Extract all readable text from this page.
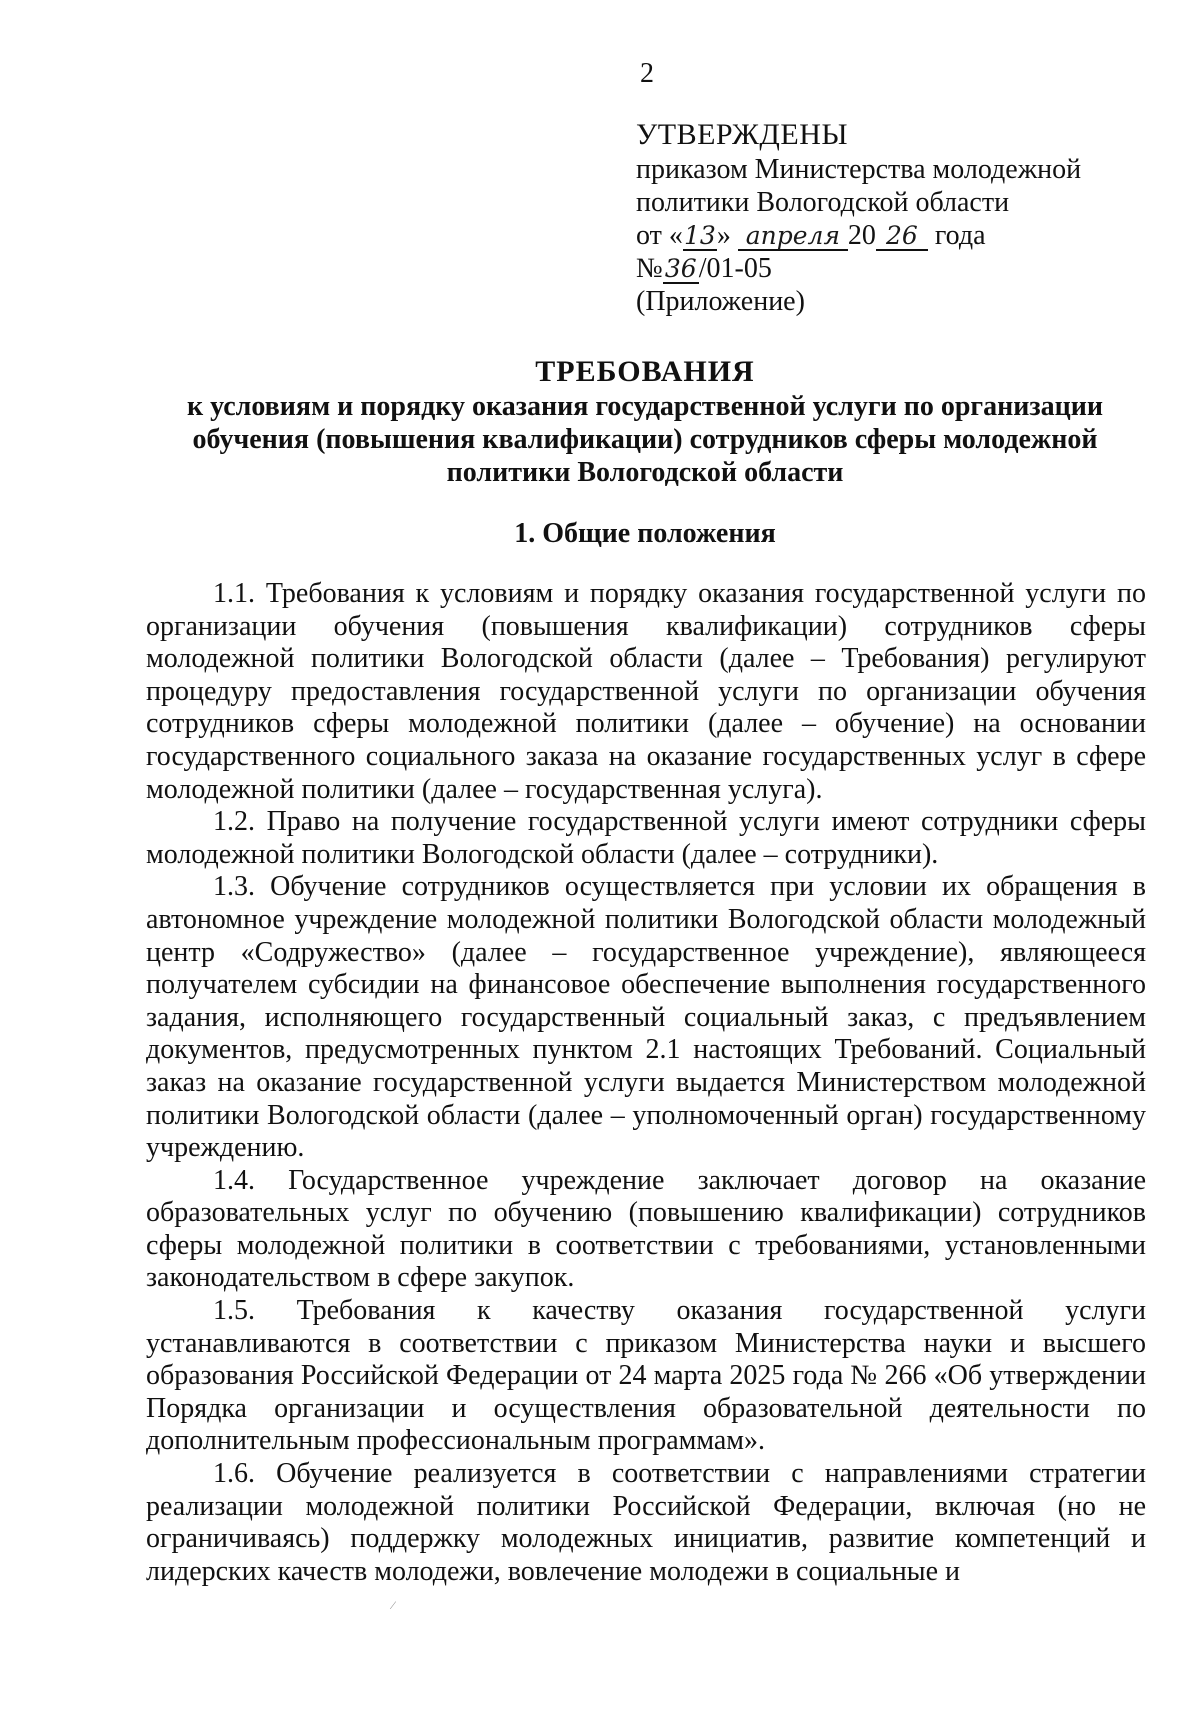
2
УТВЕРЖДЕНЫ
приказом Министерства молодежной
политики Вологодской области
от «13» апреля 20 26 года
№36/01-05
(Приложение)
ТРЕБОВАНИЯ
к условиям и порядку оказания государственной услуги по организации обучения (повышения квалификации) сотрудников сферы молодежной политики Вологодской области
1. Общие положения

1.1. Требования к условиям и порядку оказания государственной услуги по организации обучения (повышения квалификации) сотрудников сферы молодежной политики Вологодской области (далее – Требования) регулируют процедуру предоставления государственной услуги по организации обучения сотрудников сферы молодежной политики (далее – обучение) на основании государственного социального заказа на оказание государственных услуг в сфере молодежной политики (далее – государственная услуга).

1.2. Право на получение государственной услуги имеют сотрудники сферы молодежной политики Вологодской области (далее – сотрудники).

1.3. Обучение сотрудников осуществляется при условии их обращения в автономное учреждение молодежной политики Вологодской области молодежный центр «Содружество» (далее – государственное учреждение), являющееся получателем субсидии на финансовое обеспечение выполнения государственного задания, исполняющего государственный социальный заказ, с предъявлением документов, предусмотренных пунктом 2.1 настоящих Требований. Социальный заказ на оказание государственной услуги выдается Министерством молодежной политики Вологодской области (далее – уполномоченный орган) государственному учреждению.

1.4. Государственное учреждение заключает договор на оказание образовательных услуг по обучению (повышению квалификации) сотрудников сферы молодежной политики в соответствии с требованиями, установленными законодательством в сфере закупок.

1.5. Требования к качеству оказания государственной услуги устанавливаются в соответствии с приказом Министерства науки и высшего образования Российской Федерации от 24 марта 2025 года № 266 «Об утверждении Порядка организации и осуществления образовательной деятельности по дополнительным профессиональным программам».

1.6. Обучение реализуется в соответствии с направлениями стратегии реализации молодежной политики Российской Федерации, включая (но не ограничиваясь) поддержку молодежных инициатив, развитие компетенций и лидерских качеств молодежи, вовлечение молодежи в социальные и

⁄
